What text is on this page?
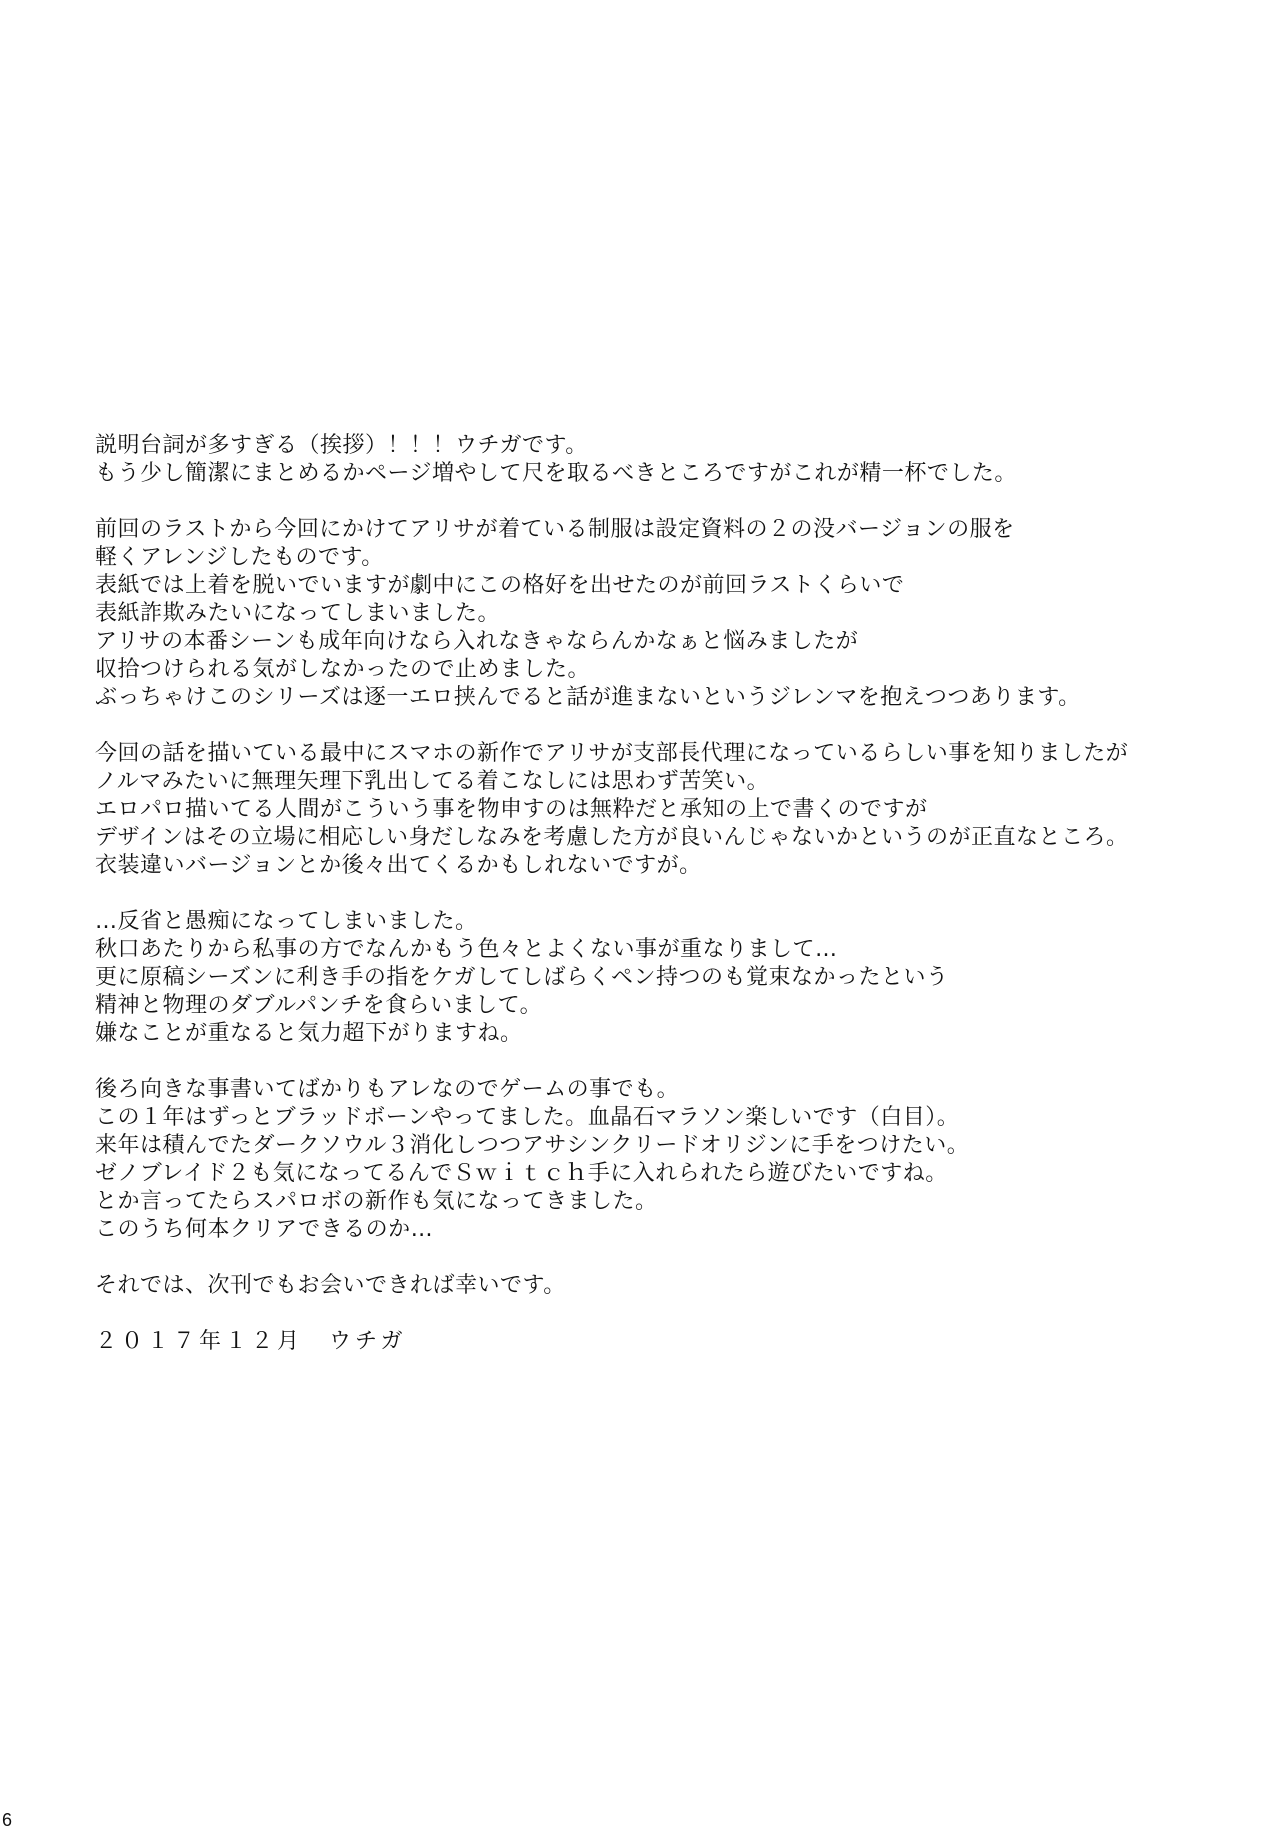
説明台詞が多すぎる（挨拶）！！！ウチガです。
もう少し簡潔にまとめるかページ増やして尺を取るべきところですがこれが精一杯でした。
前回のラストから今回にかけてアリサが着ている制服は設定資料の２の没バージョンの服を
軽くアレンジしたものです。
表紙では上着を脱いでいますが劇中にこの格好を出せたのが前回ラストくらいで
表紙詐欺みたいになってしまいました。
アリサの本番シーンも成年向けなら入れなきゃならんかなぁと悩みましたが
収拾つけられる気がしなかったので止めました。
ぶっちゃけこのシリーズは逐一エロ挟んでると話が進まないというジレンマを抱えつつあります。
今回の話を描いている最中にスマホの新作でアリサが支部長代理になっているらしい事を知りましたが
ノルマみたいに無理矢理下乳出してる着こなしには思わず苦笑い。
エロパロ描いてる人間がこういう事を物申すのは無粋だと承知の上で書くのですが
デザインはその立場に相応しい身だしなみを考慮した方が良いんじゃないかというのが正直なところ。
衣装違いバージョンとか後々出てくるかもしれないですが。
…反省と愚痴になってしまいました。
秋口あたりから私事の方でなんかもう色々とよくない事が重なりまして…
更に原稿シーズンに利き手の指をケガしてしばらくペン持つのも覚束なかったという
精神と物理のダブルパンチを食らいまして。
嫌なことが重なると気力超下がりますね。
後ろ向きな事書いてばかりもアレなのでゲームの事でも。
この１年はずっとブラッドボーンやってました。血晶石マラソン楽しいです（白目）。
来年は積んでたダークソウル３消化しつつアサシンクリードオリジンに手をつけたい。
ゼノブレイド２も気になってるんでＳｗｉｔｃｈ手に入れられたら遊びたいですね。
とか言ってたらスパロボの新作も気になってきました。
このうち何本クリアできるのか…
それでは、次刊でもお会いできれば幸いです。
２０１７年１２月　ウチガ
6
